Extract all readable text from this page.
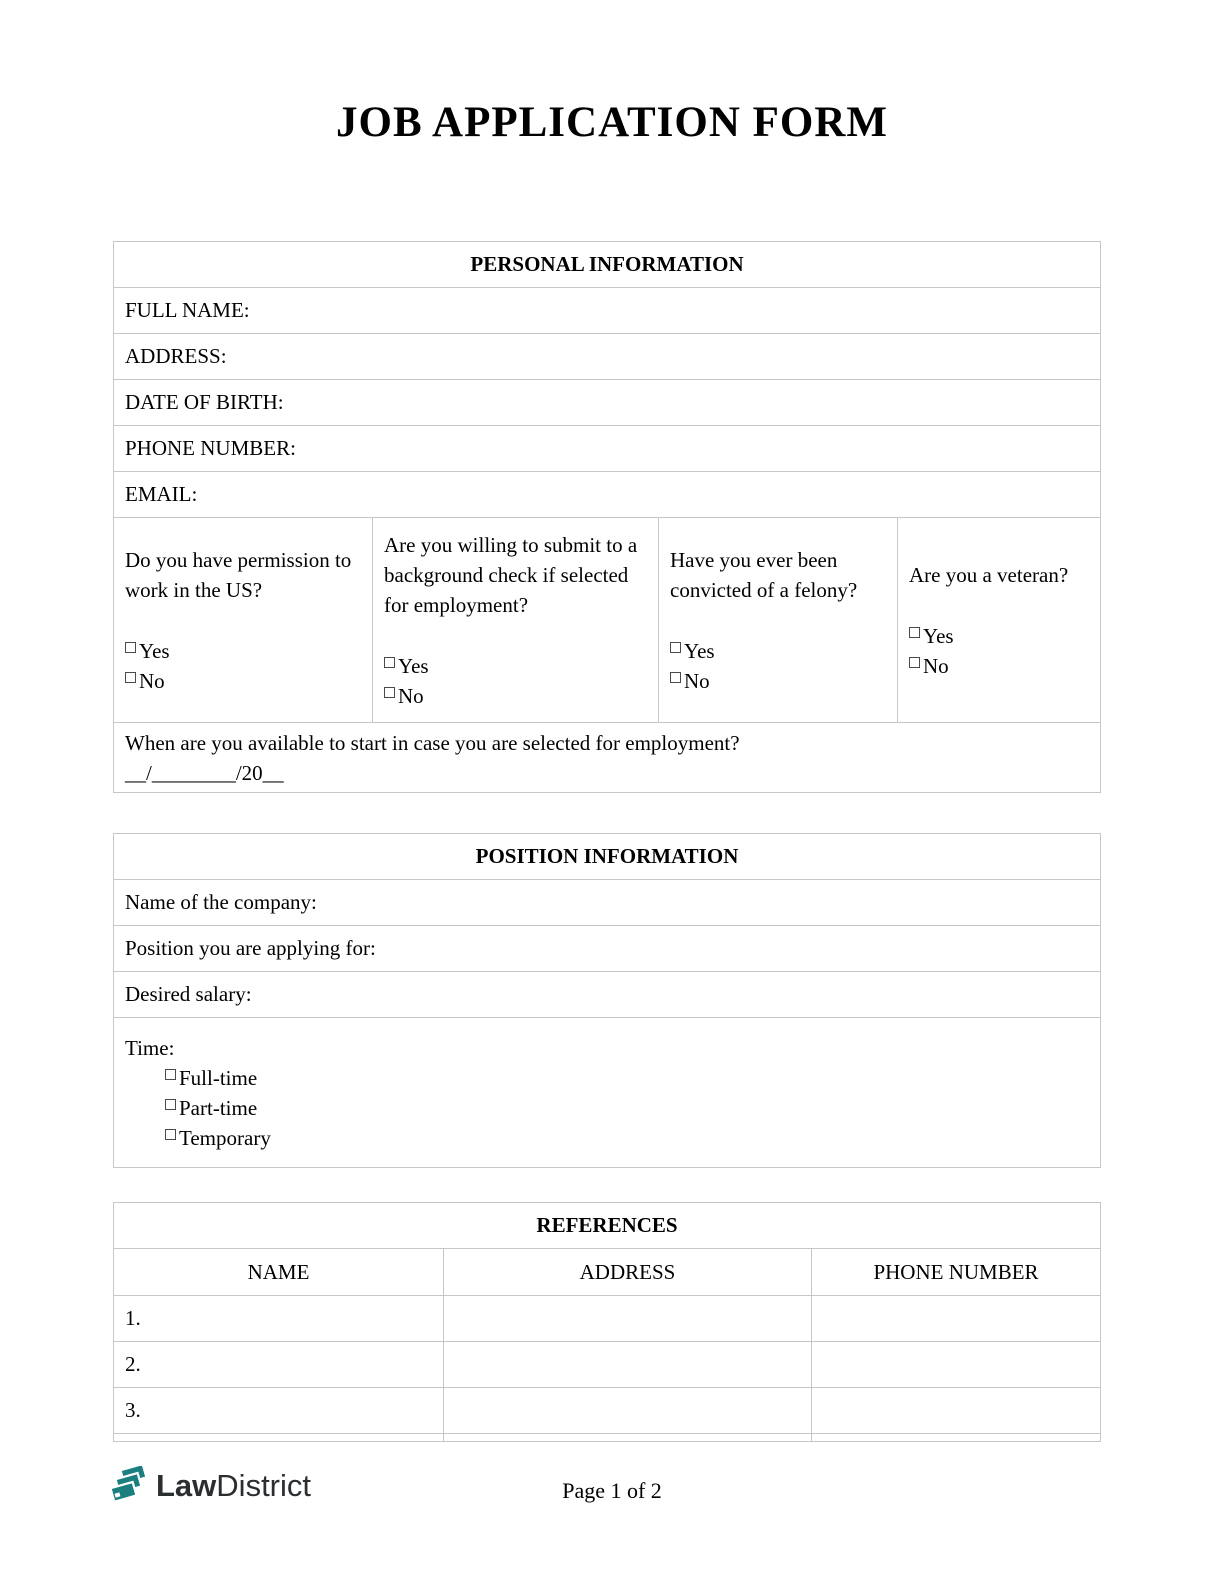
JOB APPLICATION FORM
PERSONAL INFORMATION
FULL NAME:
ADDRESS:
DATE OF BIRTH:
PHONE NUMBER:
EMAIL:

Do you have permission to work in the US?
Yes
No

Are you willing to submit to a background check if selected for employment?
Yes
No

Have you ever been convicted of a felony?
Yes
No

Are you a veteran?
Yes
No

When are you available to start in case you are selected for employment?
__/________/20__
POSITION INFORMATION
Name of the company:
Position you are applying for:
Desired salary:

Time:
Full-time
Part-time
Temporary
REFERENCES		
NAME	ADDRESS	PHONE NUMBER
1.		
2.		
3.		

Law District	Page 1 of 2
